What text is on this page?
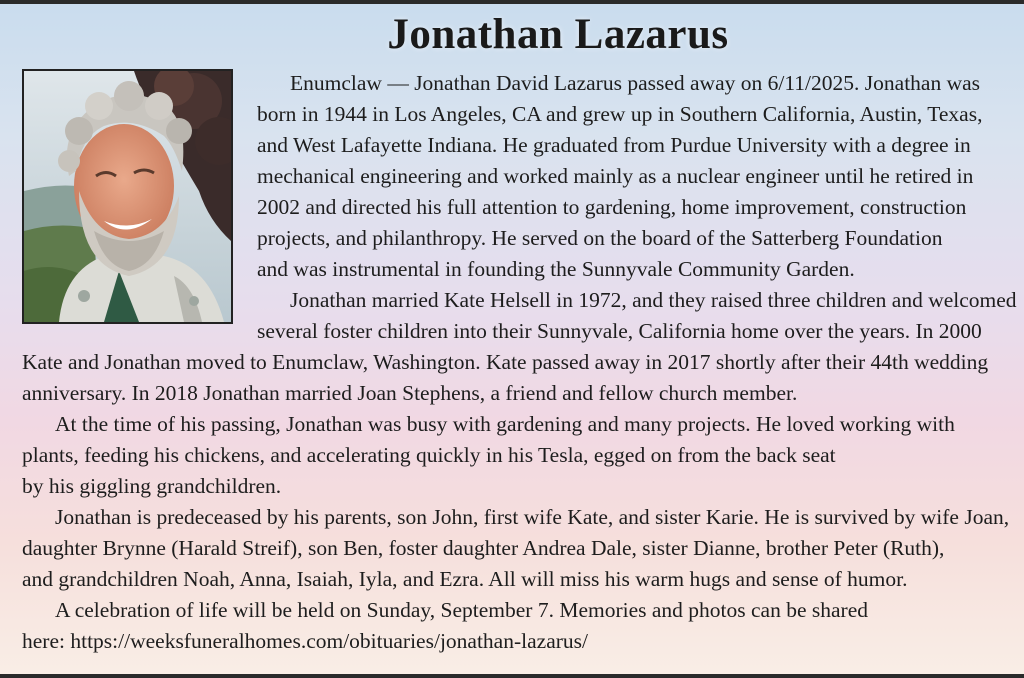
Jonathan Lazarus
Enumclaw — Jonathan David Lazarus passed away on 6/11/2025. Jonathan was
born in 1944 in Los Angeles, CA and grew up in Southern California, Austin, Texas,
and West Lafayette Indiana. He graduated from Purdue University with a degree in
mechanical engineering and worked mainly as a nuclear engineer until he retired in
2002 and directed his full attention to gardening, home improvement, construction
projects, and philanthropy. He served on the board of the Satterberg Foundation
and was instrumental in founding the Sunnyvale Community Garden.
Jonathan married Kate Helsell in 1972, and they raised three children and welcomed
several foster children into their Sunnyvale, California home over the years. In 2000
Kate and Jonathan moved to Enumclaw, Washington. Kate passed away in 2017 shortly after their 44th wedding
anniversary. In 2018 Jonathan married Joan Stephens, a friend and fellow church member.
At the time of his passing, Jonathan was busy with gardening and many projects. He loved working with
plants, feeding his chickens, and accelerating quickly in his Tesla, egged on from the back seat
by his giggling grandchildren.
Jonathan is predeceased by his parents, son John, first wife Kate, and sister Karie. He is survived by wife Joan,
daughter Brynne (Harald Streif), son Ben, foster daughter Andrea Dale, sister Dianne, brother Peter (Ruth),
and grandchildren Noah, Anna, Isaiah, Iyla, and Ezra. All will miss his warm hugs and sense of humor.
A celebration of life will be held on Sunday, September 7. Memories and photos can be shared
here: https://weeksfuneralhomes.com/obituaries/jonathan-lazarus/
